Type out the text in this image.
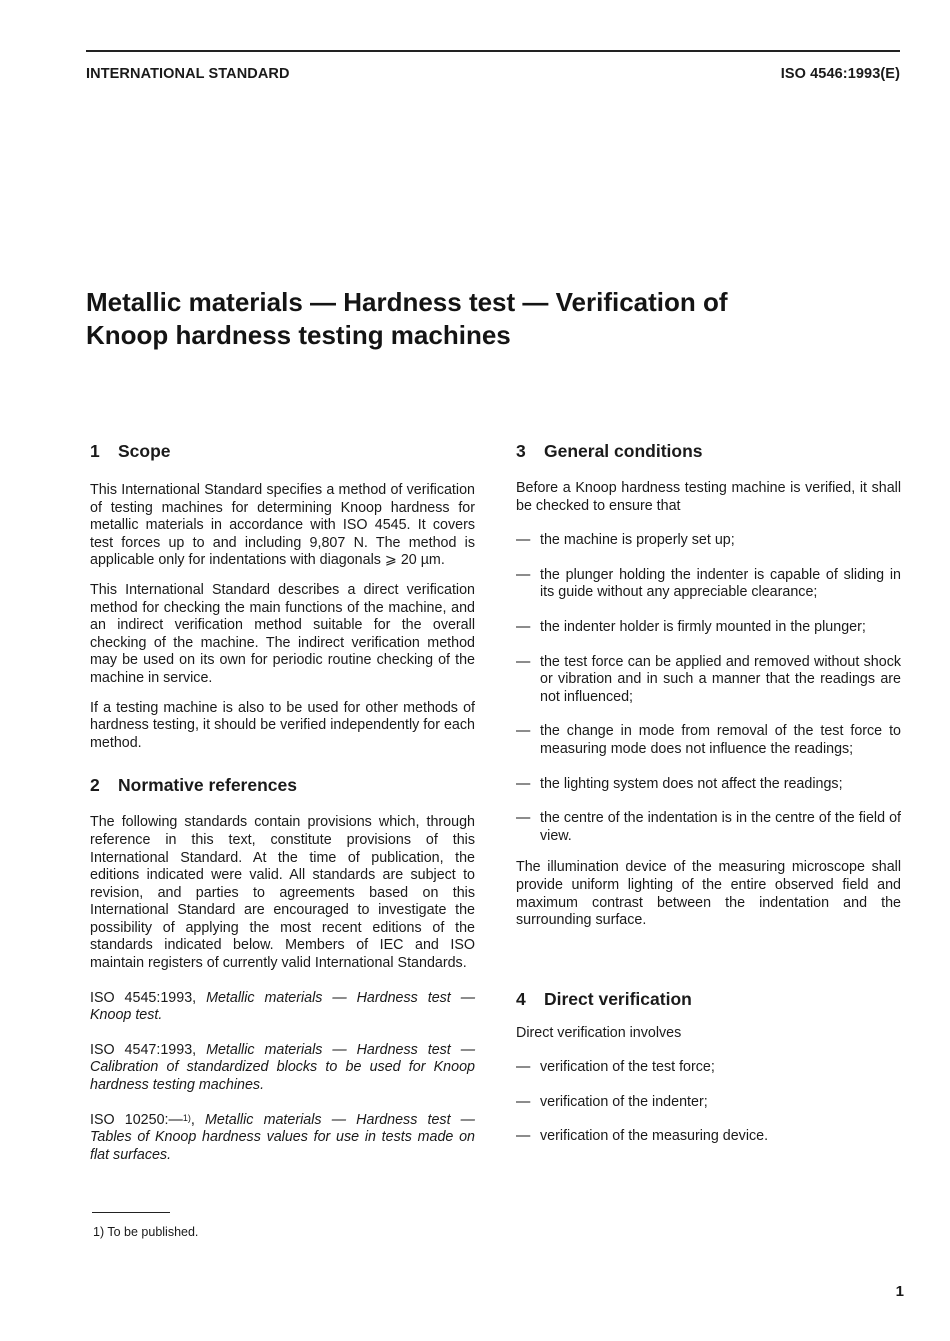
INTERNATIONAL STANDARD	ISO 4546:1993(E)
Metallic materials — Hardness test — Verification of
Knoop hardness testing machines
1 Scope

This International Standard specifies a method of verification of testing machines for determining Knoop hardness for metallic materials in accordance with ISO 4545. It covers test forces up to and including 9,807 N. The method is applicable only for indentations with diagonals ⩾ 20 µm.

This International Standard describes a direct verification method for checking the main functions of the machine, and an indirect verification method suitable for the overall checking of the machine. The indirect verification method may be used on its own for periodic routine checking of the machine in service.

If a testing machine is also to be used for other methods of hardness testing, it should be verified independently for each method.

2 Normative references

The following standards contain provisions which, through reference in this text, constitute provisions of this International Standard. At the time of publication, the editions indicated were valid. All standards are subject to revision, and parties to agreements based on this International Standard are encouraged to investigate the possibility of applying the most recent editions of the standards indicated below. Members of IEC and ISO maintain registers of currently valid International Standards.

ISO 4545:1993, Metallic materials — Hardness test — Knoop test.

ISO 4547:1993, Metallic materials — Hardness test — Calibration of standardized blocks to be used for Knoop hardness testing machines.

ISO 10250:—$^{1)}$, Metallic materials — Hardness test — Tables of Knoop hardness values for use in tests made on flat surfaces.

3 General conditions

Before a Knoop hardness testing machine is verified, it shall be checked to ensure that

— the machine is properly set up;
— the plunger holding the indenter is capable of sliding in its guide without any appreciable clearance;
— the indenter holder is firmly mounted in the plunger;
— the test force can be applied and removed without shock or vibration and in such a manner that the readings are not influenced;
— the change in mode from removal of the test force to measuring mode does not influence the readings;
— the lighting system does not affect the readings;
— the centre of the indentation is in the centre of the field of view.

The illumination device of the measuring microscope shall provide uniform lighting of the entire observed field and maximum contrast between the indentation and the surrounding surface.

4 Direct verification

Direct verification involves

— verification of the test force;
— verification of the indenter;
— verification of the measuring device.
1) To be published.
1
